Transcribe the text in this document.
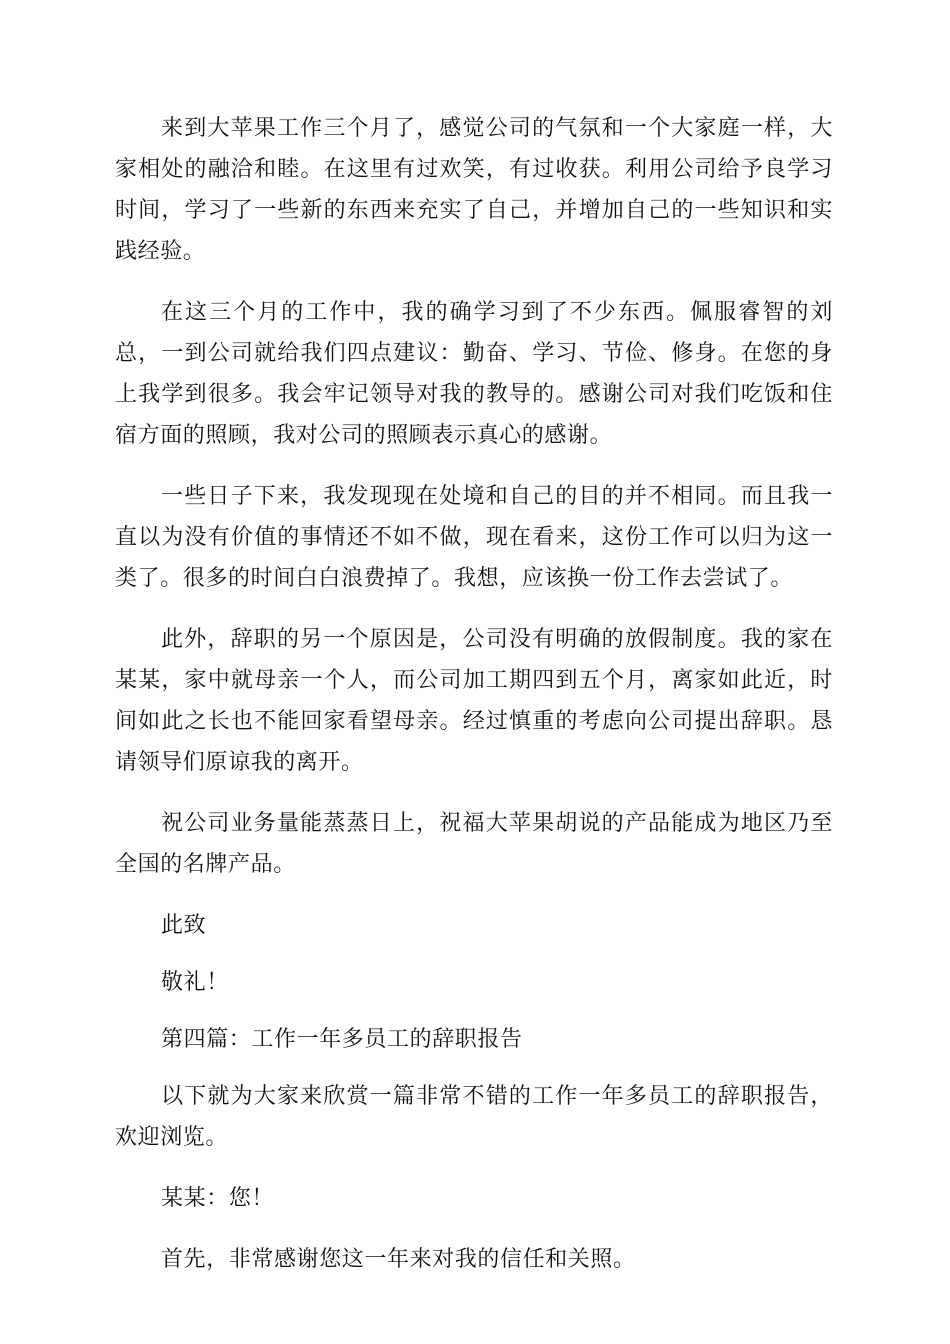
来到大苹果工作三个月了，感觉公司的气氛和一个大家庭一样，大家相处的融洽和睦。在这里有过欢笑，有过收获。利用公司给予良学习时间，学习了一些新的东西来充实了自己，并增加自己的一些知识和实践经验。

在这三个月的工作中，我的确学习到了不少东西。佩服睿智的刘总，一到公司就给我们四点建议：勤奋、学习、节俭、修身。在您的身上我学到很多。我会牢记领导对我的教导的。感谢公司对我们吃饭和住宿方面的照顾，我对公司的照顾表示真心的感谢。

一些日子下来，我发现现在处境和自己的目的并不相同。而且我一直以为没有价值的事情还不如不做，现在看来，这份工作可以归为这一类了。很多的时间白白浪费掉了。我想，应该换一份工作去尝试了。

此外，辞职的另一个原因是，公司没有明确的放假制度。我的家在某某，家中就母亲一个人，而公司加工期四到五个月，离家如此近，时间如此之长也不能回家看望母亲。经过慎重的考虑向公司提出辞职。恳请领导们原谅我的离开。

祝公司业务量能蒸蒸日上，祝福大苹果胡说的产品能成为地区乃至全国的名牌产品。

此致

敬礼！

第四篇：工作一年多员工的辞职报告

以下就为大家来欣赏一篇非常不错的工作一年多员工的辞职报告，欢迎浏览。

某某：您！

首先，非常感谢您这一年来对我的信任和关照。
